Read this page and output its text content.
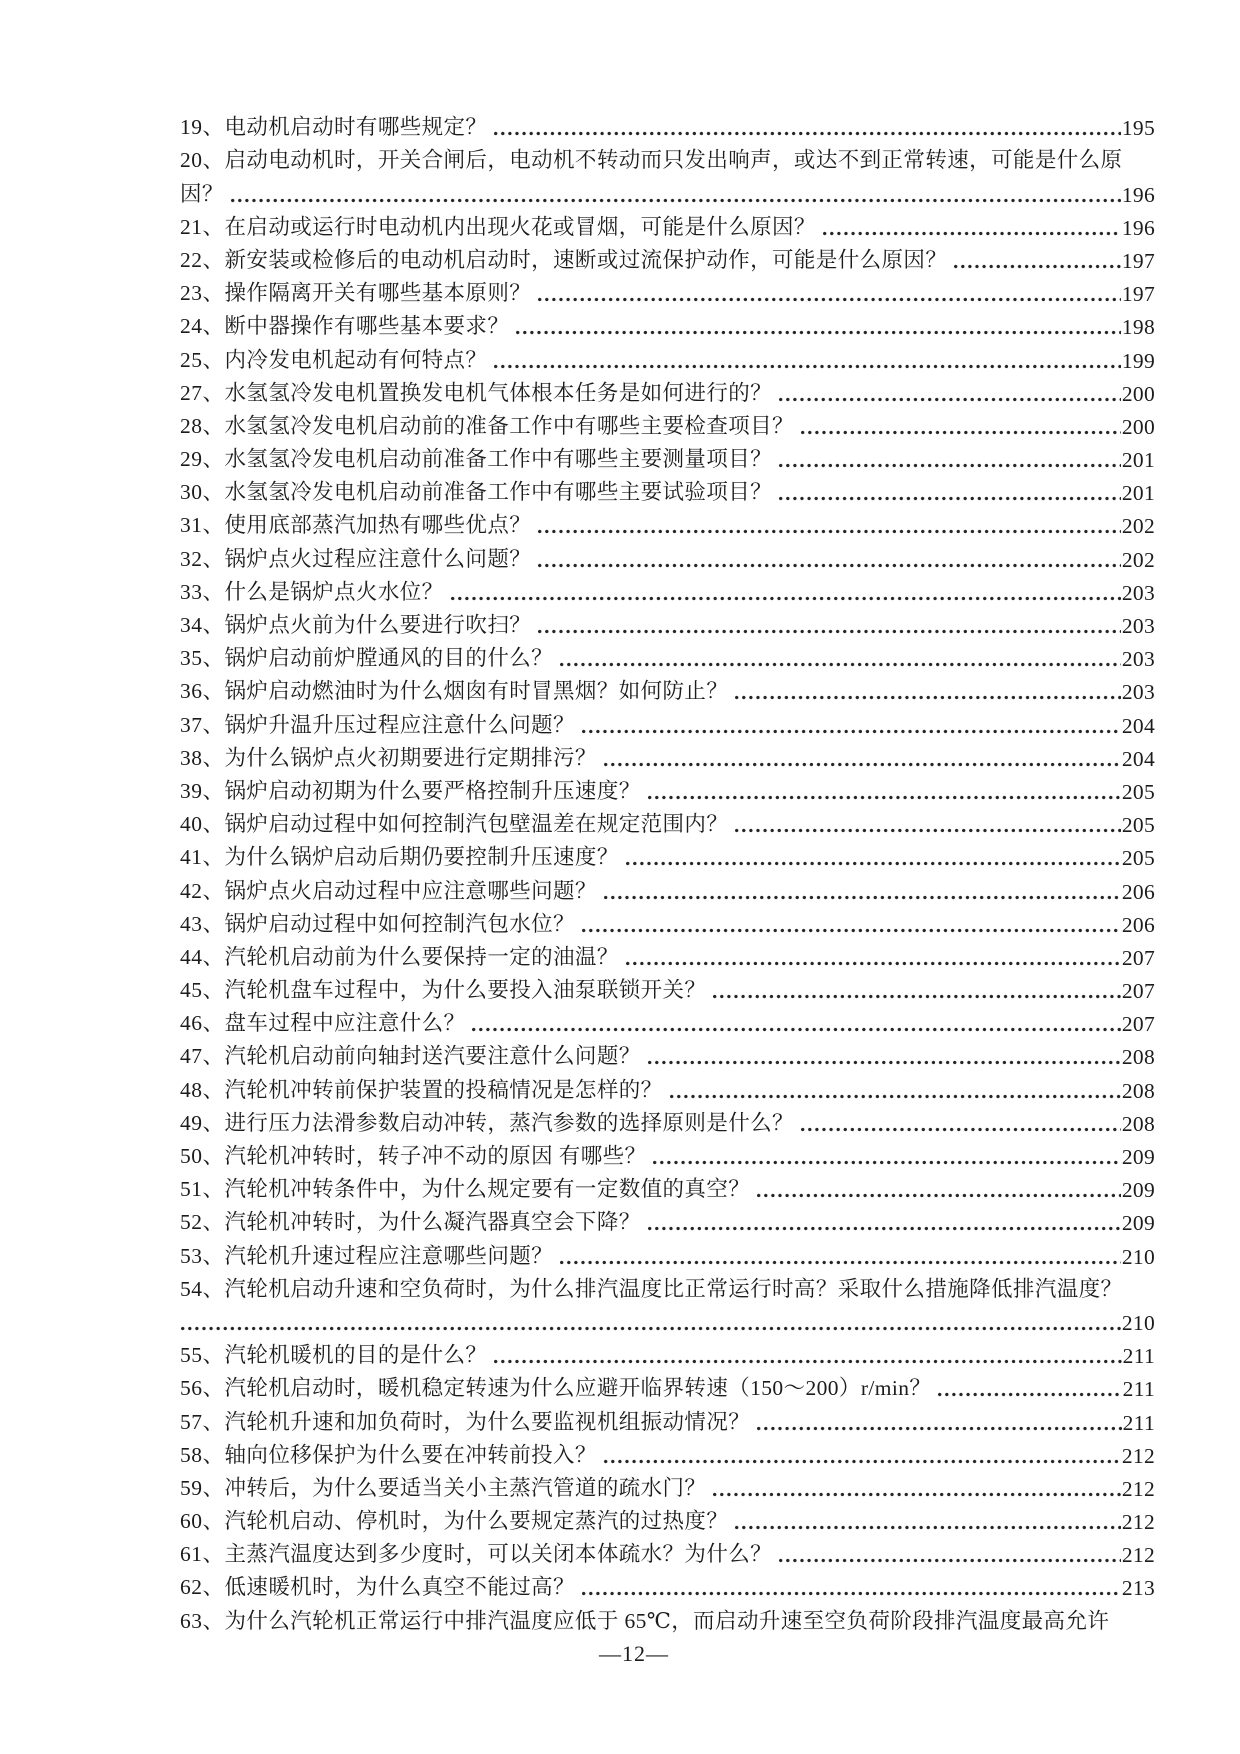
19、 电动机启动时有哪些规定？	195
20、 启动电动机时，开关合闸后，电动机不转动而只发出响声，或达不到正常转速，可能是什么原
因？	196
21、 在启动或运行时电动机内出现火花或冒烟，可能是什么原因？	196
22、 新安装或检修后的电动机启动时，速断或过流保护动作，可能是什么原因？	197
23、 操作隔离开关有哪些基本原则？	197
24、 断中器操作有哪些基本要求？	198
25、 内冷发电机起动有何特点？	199
27、 水氢氢冷发电机置换发电机气体根本任务是如何进行的？	200
28、 水氢氢冷发电机启动前的准备工作中有哪些主要检查项目？	200
29、 水氢氢冷发电机启动前准备工作中有哪些主要测量项目？	201
30、 水氢氢冷发电机启动前准备工作中有哪些主要试验项目？	201
31、 使用底部蒸汽加热有哪些优点？	202
32、 锅炉点火过程应注意什么问题？	202
33、 什么是锅炉点火水位？	203
34、 锅炉点火前为什么要进行吹扫？	203
35、 锅炉启动前炉膛通风的目的什么？	203
36、 锅炉启动燃油时为什么烟囱有时冒黑烟？如何防止？	203
37、 锅炉升温升压过程应注意什么问题？	204
38、 为什么锅炉点火初期要进行定期排污？	204
39、 锅炉启动初期为什么要严格控制升压速度？	205
40、 锅炉启动过程中如何控制汽包壁温差在规定范围内？	205
41、 为什么锅炉启动后期仍要控制升压速度？	205
42、 锅炉点火启动过程中应注意哪些问题？	206
43、 锅炉启动过程中如何控制汽包水位？	206
44、 汽轮机启动前为什么要保持一定的油温？	207
45、 汽轮机盘车过程中，为什么要投入油泵联锁开关？	207
46、 盘车过程中应注意什么？	207
47、 汽轮机启动前向轴封送汽要注意什么问题？	208
48、 汽轮机冲转前保护装置的投稿情况是怎样的？	208
49、 进行压力法滑参数启动冲转，蒸汽参数的选择原则是什么？	208
50、 汽轮机冲转时，转子冲不动的原因 有哪些？	209
51、 汽轮机冲转条件中，为什么规定要有一定数值的真空？	209
52、 汽轮机冲转时，为什么凝汽器真空会下降？	209
53、 汽轮机升速过程应注意哪些问题？	210
54、 汽轮机启动升速和空负荷时，为什么排汽温度比正常运行时高？采取什么措施降低排汽温度？
210
55、 汽轮机暖机的目的是什么？	211
56、 汽轮机启动时，暖机稳定转速为什么应避开临界转速（150～200）r/min？	211
57、 汽轮机升速和加负荷时，为什么要监视机组振动情况？	211
58、 轴向位移保护为什么要在冲转前投入？	212
59、 冲转后，为什么要适当关小主蒸汽管道的疏水门？	212
60、 汽轮机启动、停机时，为什么要规定蒸汽的过热度？	212
61、 主蒸汽温度达到多少度时，可以关闭本体疏水？为什么？	212
62、 低速暖机时，为什么真空不能过高？	213
63、 为什么汽轮机正常运行中排汽温度应低于 65℃，而启动升速至空负荷阶段排汽温度最高允许
—12—
